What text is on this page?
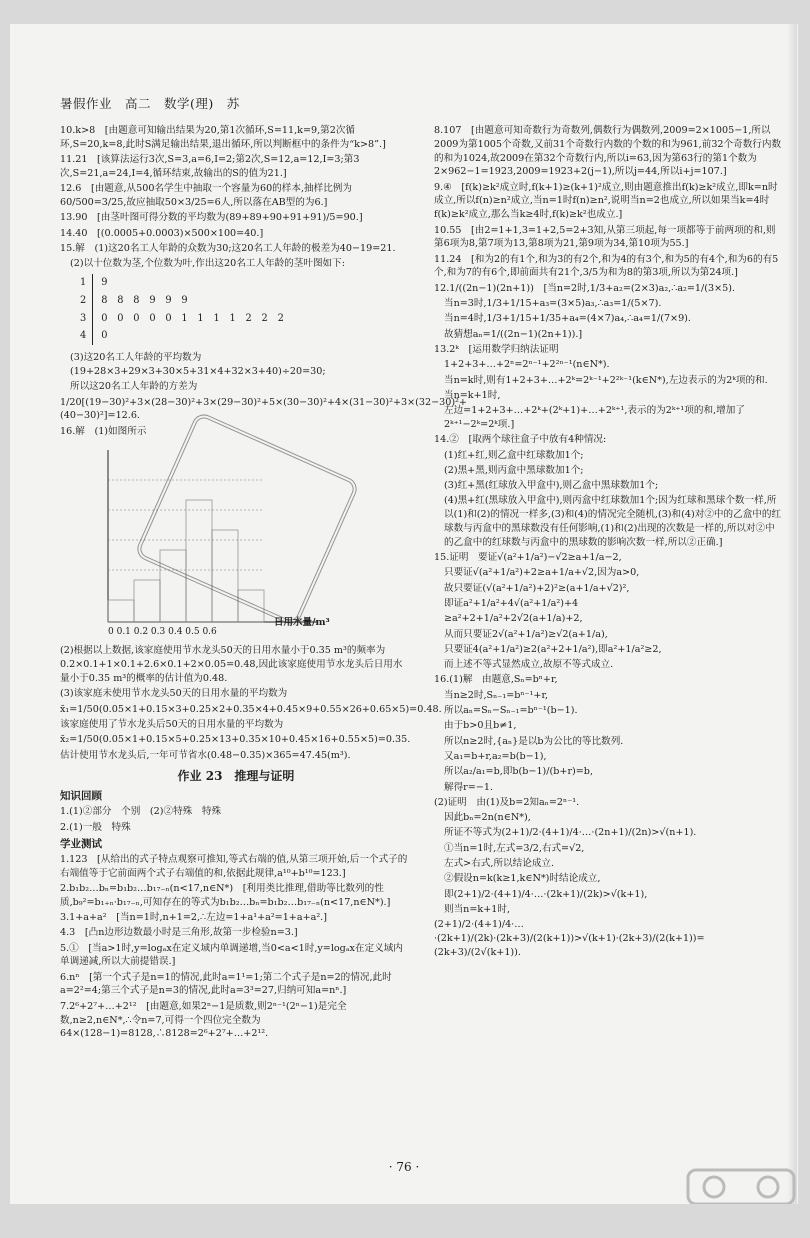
暑假作业　高二　数学(理)　苏

10.k>8　[由题意可知输出结果为20,第1次循环,S=11,k=9,第2次循环,S=20,k=8,此时S满足输出结果,退出循环,所以判断框中的条件为“k>8”.]

11.21　[该算法运行3次,S=3,a=6,I=2;第2次,S=12,a=12,I=3;第3次,S=21,a=24,I=4,循环结束,故输出的S的值为21.]

12.6　[由题意,从500名学生中抽取一个容量为60的样本,抽样比例为60/500=3/25,故应抽取50×3/25=6人,所以落在AB型的为6.]

13.90　[由茎叶图可得分数的平均数为(89+89+90+91+91)/5=90.]

14.40　[(0.0005+0.0003)×500×100=40.]

15.解　(1)这20名工人年龄的众数为30;这20名工人年龄的极差为40−19=21.

(2)以十位数为茎,个位数为叶,作出这20名工人年龄的茎叶图如下:

1	9
2	8　8　8　9　9　9
3	0　0　0　0　0　1　1　1　1　2　2　2
4	0

(3)这20名工人年龄的平均数为(19+28×3+29×3+30×5+31×4+32×3+40)÷20=30;

所以这20名工人年龄的方差为

1/20[(19−30)²+3×(28−30)²+3×(29−30)²+5×(30−30)²+4×(31−30)²+3×(32−30)²+(40−30)²]=12.6.

16.解　(1)如图所示

0 0.1 0.2 0.3 0.4 0.5 0.6
日用水量/m³

(2)根据以上数据,该家庭使用节水龙头50天的日用水量小于0.35 m³的频率为0.2×0.1+1×0.1+2.6×0.1+2×0.05=0.48,因此该家庭使用节水龙头后日用水量小于0.35 m³的概率的估计值为0.48.

(3)该家庭未使用节水龙头50天的日用水量的平均数为

x̄₁=1/50(0.05×1+0.15×3+0.25×2+0.35×4+0.45×9+0.55×26+0.65×5)=0.48.

该家庭使用了节水龙头后50天的日用水量的平均数为

x̄₂=1/50(0.05×1+0.15×5+0.25×13+0.35×10+0.45×16+0.55×5)=0.35.

估计使用节水龙头后,一年可节省水(0.48−0.35)×365=47.45(m³).

作业 23　推理与证明

知识回顾

1.(1)②部分　个别　(2)②特殊　特殊

2.(1)一般　特殊

学业测试

1.123　[从给出的式子特点观察可推知,等式右端的值,从第三项开始,后一个式子的右端值等于它前面两个式子右端值的和,依据此规律,a¹⁰+b¹⁰=123.]

2.b₁b₂…bₙ=b₁b₂…b₁₇₋ₙ(n<17,n∈N*)　[利用类比推理,借助等比数列的性质,b₉²=b₁₊ₙ·b₁₇₋ₙ,可知存在的等式为b₁b₂…bₙ=b₁b₂…b₁₇₋ₙ(n<17,n∈N*).]

3.1+a+a²　[当n=1时,n+1=2,∴左边=1+a¹+a²=1+a+a².]

4.3　[凸n边形边数最小时是三角形,故第一步检验n=3.]

5.①　[当a>1时,y=logₐx在定义域内单调递增,当0<a<1时,y=logₐx在定义域内单调递减,所以大前提错误.]

6.nⁿ　[第一个式子是n=1的情况,此时a=1¹=1;第二个式子是n=2的情况,此时a=2²=4;第三个式子是n=3的情况,此时a=3³=27,归纳可知a=nⁿ.]

7.2⁶+2⁷+…+2¹²　[由题意,如果2ⁿ−1是质数,则2ⁿ⁻¹(2ⁿ−1)是完全数,n≥2,n∈N*,∴令n=7,可得一个四位完全数为64×(128−1)=8128,∴8128=2⁶+2⁷+…+2¹².

8.107　[由题意可知奇数行为奇数列,偶数行为偶数列,2009=2×1005−1,所以2009为第1005个奇数,又前31个奇数行内数的个数的和为961,前32个奇数行内数的和为1024,故2009在第32个奇数行内,所以i=63,因为第63行的第1个数为2×962−1=1923,2009=1923+2(j−1),所以j=44,所以i+j=107.]

9.④　[f(k)≥k²成立时,f(k+1)≥(k+1)²成立,则由题意推出f(k)≥k²成立,即k=n时成立,所以f(n)≥n²成立,当n=1时f(n)≥n²,说明当n=2也成立,所以如果当k=4时f(k)≥k²成立,那么当k≥4时,f(k)≥k²也成立.]

10.55　[由2=1+1,3=1+2,5=2+3知,从第三项起,每一项都等于前两项的和,则第6项为8,第7项为13,第8项为21,第9项为34,第10项为55.]

11.24　[和为2的有1个,和为3的有2个,和为4的有3个,和为5的有4个,和为6的有5个,和为7的有6个,即前面共有21个,3/5为和为8的第3项,所以为第24项.]

12.1/((2n−1)(2n+1))　[当n=2时,1/3+a₂=(2×3)a₂,∴a₂=1/(3×5).

当n=3时,1/3+1/15+a₃=(3×5)a₃,∴a₃=1/(5×7).

当n=4时,1/3+1/15+1/35+a₄=(4×7)a₄,∴a₄=1/(7×9).

故猜想aₙ=1/((2n−1)(2n+1)).]

13.2ᵏ　[运用数学归纳法证明

1+2+3+…+2ⁿ=2ⁿ⁻¹+2²ⁿ⁻¹(n∈N*).

当n=k时,则有1+2+3+…+2ᵏ=2ᵏ⁻¹+2²ᵏ⁻¹(k∈N*),左边表示的为2ᵏ项的和.

当n=k+1时,

左边=1+2+3+…+2ᵏ+(2ᵏ+1)+…+2ᵏ⁺¹,表示的为2ᵏ⁺¹项的和,增加了2ᵏ⁺¹−2ᵏ=2ᵏ项.]

14.②　[取两个球往盒子中放有4种情况:

(1)红+红,则乙盒中红球数加1个;

(2)黑+黑,则丙盒中黑球数加1个;

(3)红+黑(红球放入甲盒中),则乙盒中黑球数加1个;

(4)黑+红(黑球放入甲盒中),则丙盒中红球数加1个;因为红球和黑球个数一样,所以(1)和(2)的情况一样多,(3)和(4)的情况完全随机,(3)和(4)对②中的乙盒中的红球数与丙盒中的黑球数没有任何影响,(1)和(2)出现的次数是一样的,所以对②中的乙盒中的红球数与丙盒中的黑球数的影响次数一样,所以②正确.]

15.证明　要证√(a²+1/a²)−√2≥a+1/a−2,

只要证√(a²+1/a²)+2≥a+1/a+√2,因为a>0,

故只要证(√(a²+1/a²)+2)²≥(a+1/a+√2)²,

即证a²+1/a²+4√(a²+1/a²)+4

≥a²+2+1/a²+2√2(a+1/a)+2,

从而只要证2√(a²+1/a²)≥√2(a+1/a),

只要证4(a²+1/a²)≥2(a²+2+1/a²),即a²+1/a²≥2,

而上述不等式显然成立,故原不等式成立.

16.(1)解　由题意,Sₙ=bⁿ+r,

当n≥2时,Sₙ₋₁=bⁿ⁻¹+r,

所以aₙ=Sₙ−Sₙ₋₁=bⁿ⁻¹(b−1).

由于b>0且b≠1,

所以n≥2时,{aₙ}是以b为公比的等比数列.

又a₁=b+r,a₂=b(b−1),

所以a₂/a₁=b,即b(b−1)/(b+r)=b,

解得r=−1.

(2)证明　由(1)及b=2知aₙ=2ⁿ⁻¹.

因此bₙ=2n(n∈N*),

所证不等式为(2+1)/2·(4+1)/4·…·(2n+1)/(2n)>√(n+1).

①当n=1时,左式=3/2,右式=√2,

左式>右式,所以结论成立.

②假设n=k(k≥1,k∈N*)时结论成立,

即(2+1)/2·(4+1)/4·…·(2k+1)/(2k)>√(k+1),

则当n=k+1时,

(2+1)/2·(4+1)/4·…·(2k+1)/(2k)·(2k+3)/(2(k+1))>√(k+1)·(2k+3)/(2(k+1))=(2k+3)/(2√(k+1)).

· 76 ·
